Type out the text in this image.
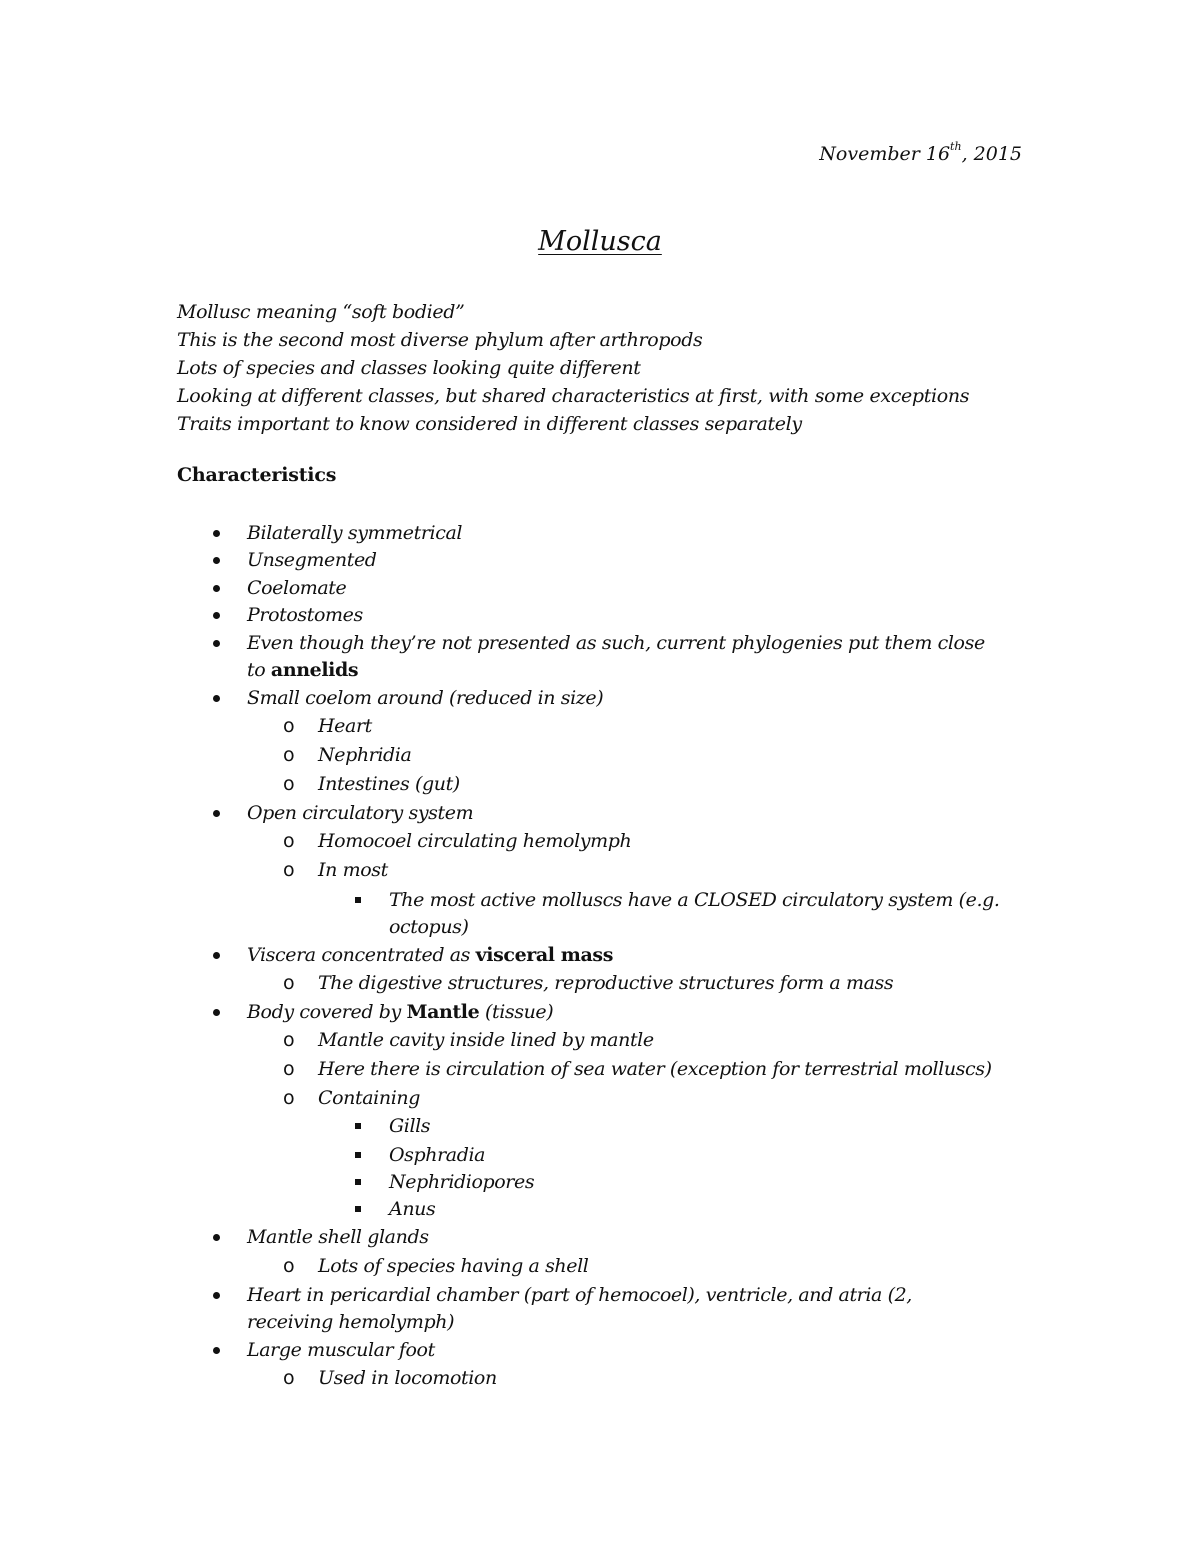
November 16th, 2015
Mollusca
Mollusc meaning “soft bodied”
This is the second most diverse phylum after arthropods
Lots of species and classes looking quite different
Looking at different classes, but shared characteristics at first, with some exceptions
Traits important to know considered in different classes separately
Characteristics
Bilaterally symmetrical
Unsegmented
Coelomate
Protostomes
Even though they’re not presented as such, current phylogenies put them close
to annelids
Small coelom around (reduced in size)
o Heart
o Nephridia
o Intestines (gut)
Open circulatory system
o Homocoel circulating hemolymph
o In most
The most active molluscs have a CLOSED circulatory system (e.g.
octopus)
Viscera concentrated as visceral mass
o The digestive structures, reproductive structures form a mass
Body covered by Mantle (tissue)
o Mantle cavity inside lined by mantle
o Here there is circulation of sea water (exception for terrestrial molluscs)
o Containing
Gills
Osphradia
Nephridiopores
Anus
Mantle shell glands
o Lots of species having a shell
Heart in pericardial chamber (part of hemocoel), ventricle, and atria (2,
receiving hemolymph)
Large muscular foot
o Used in locomotion
